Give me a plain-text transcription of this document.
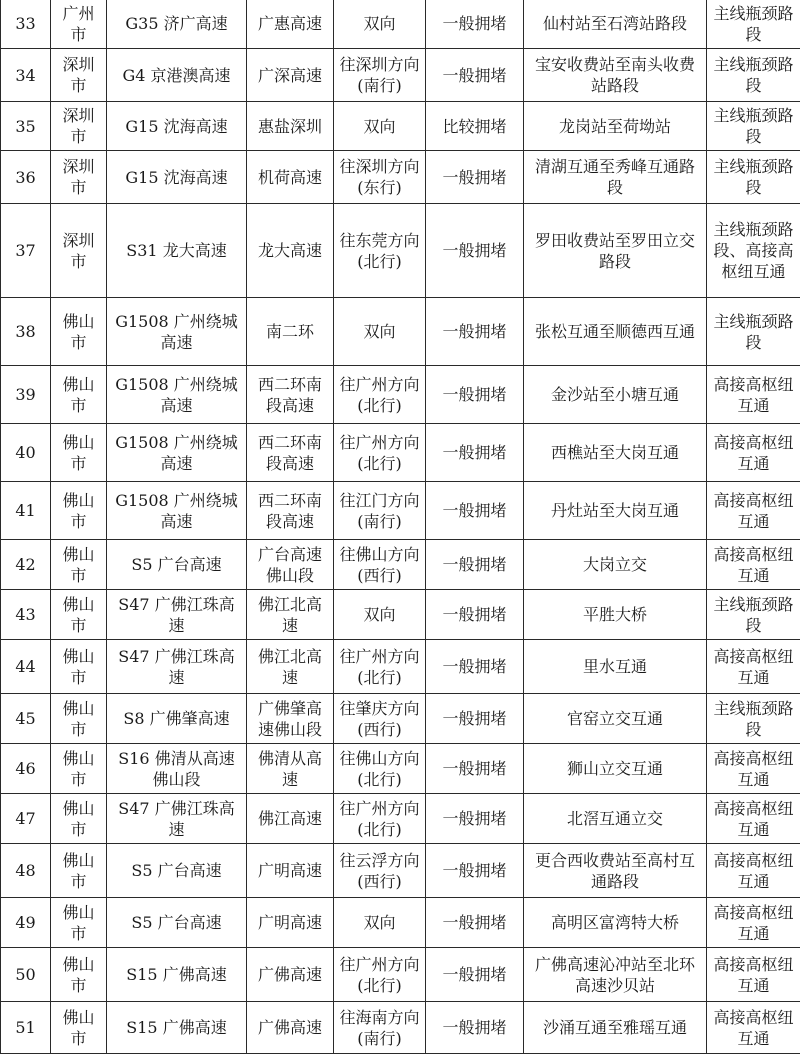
33	广州市	G35 济广高速	广惠高速	双向	一般拥堵	仙村站至石湾站路段	主线瓶颈路段
34	深圳市	G4 京港澳高速	广深高速	往深圳方向(南行)	一般拥堵	宝安收费站至南头收费站路段	主线瓶颈路段
35	深圳市	G15 沈海高速	惠盐深圳	双向	比较拥堵	龙岗站至荷坳站	主线瓶颈路段
36	深圳市	G15 沈海高速	机荷高速	往深圳方向(东行)	一般拥堵	清湖互通至秀峰互通路段	主线瓶颈路段
37	深圳市	S31 龙大高速	龙大高速	往东莞方向(北行)	一般拥堵	罗田收费站至罗田立交路段	主线瓶颈路段、高接高枢纽互通
38	佛山市	G1508 广州绕城高速	南二环	双向	一般拥堵	张松互通至顺德西互通	主线瓶颈路段
39	佛山市	G1508 广州绕城高速	西二环南段高速	往广州方向(北行)	一般拥堵	金沙站至小塘互通	高接高枢纽互通
40	佛山市	G1508 广州绕城高速	西二环南段高速	往广州方向(北行)	一般拥堵	西樵站至大岗互通	高接高枢纽互通
41	佛山市	G1508 广州绕城高速	西二环南段高速	往江门方向(南行)	一般拥堵	丹灶站至大岗互通	高接高枢纽互通
42	佛山市	S5 广台高速	广台高速佛山段	往佛山方向(西行)	一般拥堵	大岗立交	高接高枢纽互通
43	佛山市	S47 广佛江珠高速	佛江北高速	双向	一般拥堵	平胜大桥	主线瓶颈路段
44	佛山市	S47 广佛江珠高速	佛江北高速	往广州方向(北行)	一般拥堵	里水互通	高接高枢纽互通
45	佛山市	S8 广佛肇高速	广佛肇高速佛山段	往肇庆方向(西行)	一般拥堵	官窑立交互通	主线瓶颈路段
46	佛山市	S16 佛清从高速佛山段	佛清从高速	往佛山方向(北行)	一般拥堵	狮山立交互通	高接高枢纽互通
47	佛山市	S47 广佛江珠高速	佛江高速	往广州方向(北行)	一般拥堵	北滘互通立交	高接高枢纽互通
48	佛山市	S5 广台高速	广明高速	往云浮方向(西行)	一般拥堵	更合西收费站至高村互通路段	高接高枢纽互通
49	佛山市	S5 广台高速	广明高速	双向	一般拥堵	高明区富湾特大桥	高接高枢纽互通
50	佛山市	S15 广佛高速	广佛高速	往广州方向(北行)	一般拥堵	广佛高速沁冲站至北环高速沙贝站	高接高枢纽互通
51	佛山市	S15 广佛高速	广佛高速	往海南方向(南行)	一般拥堵	沙涌互通至雅瑶互通	高接高枢纽互通
